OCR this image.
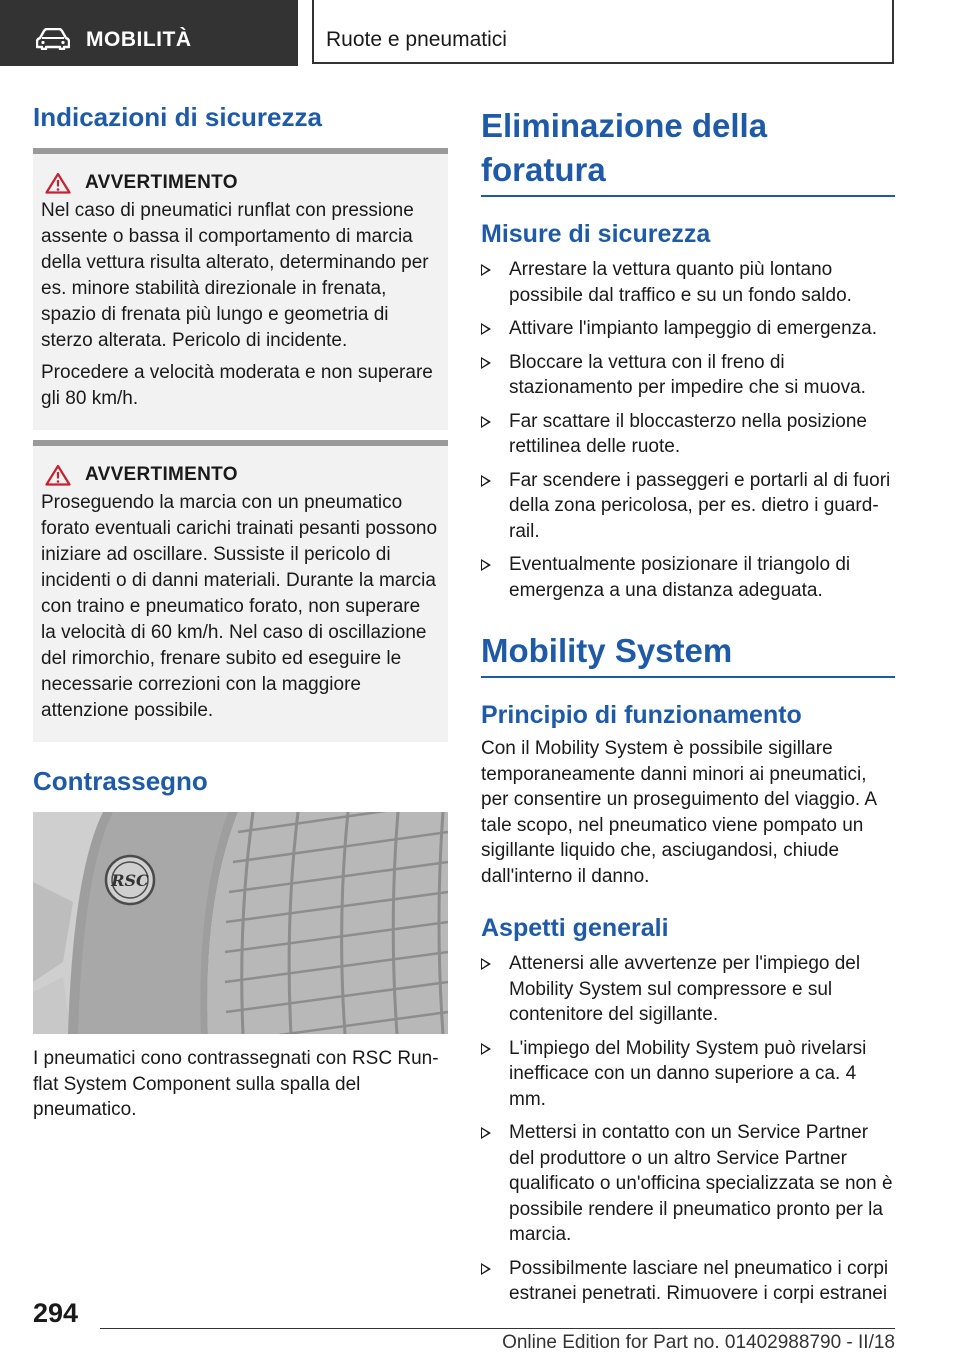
MOBILITÀ	Ruote e pneumatici
Indicazioni di sicurezza
AVVERTIMENTO

Nel caso di pneumatici runflat con pressione assente o bassa il comportamento di marcia della vettura risulta alterato, determinando per es. minore stabilità direzionale in frenata, spazio di frenata più lungo e geometria di sterzo alterata. Pericolo di incidente.

Procedere a velocità moderata e non superare gli 80 km/h.

AVVERTIMENTO

Proseguendo la marcia con un pneumatico forato eventuali carichi trainati pesanti possono iniziare ad oscillare. Sussiste il pericolo di incidenti o di danni materiali. Durante la marcia con traino e pneumatico forato, non superare la velocità di 60 km/h. Nel caso di oscillazione del rimorchio, frenare subito ed eseguire le necessarie correzioni con la maggiore attenzione possibile.

Contrassegno
RSC

I pneumatici cono contrassegnati con RSC Run-flat System Component sulla spalla del pneumatico.

Eliminazione della foratura
Misure di sicurezza
Arrestare la vettura quanto più lontano possibile dal traffico e su un fondo saldo.
Attivare l'impianto lampeggio di emergenza.
Bloccare la vettura con il freno di stazionamento per impedire che si muova.
Far scattare il bloccasterzo nella posizione rettilinea delle ruote.
Far scendere i passeggeri e portarli al di fuori della zona pericolosa, per es. dietro i guard-rail.
Eventualmente posizionare il triangolo di emergenza a una distanza adeguata.
Mobility System
Principio di funzionamento

Con il Mobility System è possibile sigillare temporaneamente danni minori ai pneumatici, per consentire un proseguimento del viaggio. A tale scopo, nel pneumatico viene pompato un sigillante liquido che, asciugandosi, chiude dall'interno il danno.

Aspetti generali
Attenersi alle avvertenze per l'impiego del Mobility System sul compressore e sul contenitore del sigillante.
L'impiego del Mobility System può rivelarsi inefficace con un danno superiore a ca. 4 mm.
Mettersi in contatto con un Service Partner del produttore o un altro Service Partner qualificato o un'officina specializzata se non è possibile rendere il pneumatico pronto per la marcia.
Possibilmente lasciare nel pneumatico i corpi estranei penetrati. Rimuovere i corpi estranei
294
Online Edition for Part no. 01402988790 - II/18
